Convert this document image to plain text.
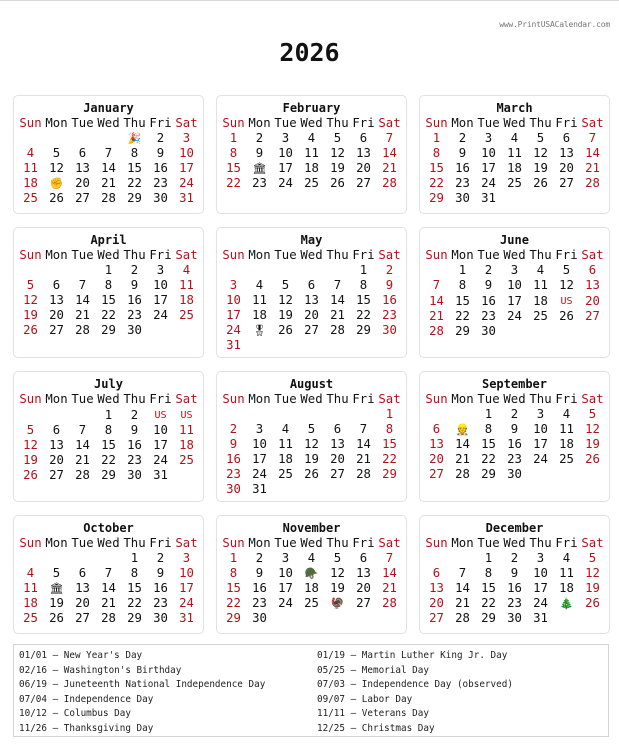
www.PrintUSACalendar.com
2026
January
Sun	Mon	Tue	Wed	Thu	Fri	Sat
				🎉	2	3
4	5	6	7	8	9	10
11	12	13	14	15	16	17
18	✊	20	21	22	23	24
25	26	27	28	29	30	31
February
Sun	Mon	Tue	Wed	Thu	Fri	Sat
1	2	3	4	5	6	7
8	9	10	11	12	13	14
15	🏛	17	18	19	20	21
22	23	24	25	26	27	28
March
Sun	Mon	Tue	Wed	Thu	Fri	Sat
1	2	3	4	5	6	7
8	9	10	11	12	13	14
15	16	17	18	19	20	21
22	23	24	25	26	27	28
29	30	31				
April
Sun	Mon	Tue	Wed	Thu	Fri	Sat
			1	2	3	4
5	6	7	8	9	10	11
12	13	14	15	16	17	18
19	20	21	22	23	24	25
26	27	28	29	30		
May
Sun	Mon	Tue	Wed	Thu	Fri	Sat
					1	2
3	4	5	6	7	8	9
10	11	12	13	14	15	16
17	18	19	20	21	22	23
24	🎖	26	27	28	29	30
31						
June
Sun	Mon	Tue	Wed	Thu	Fri	Sat
	1	2	3	4	5	6
7	8	9	10	11	12	13
14	15	16	17	18	US	20
21	22	23	24	25	26	27
28	29	30				
July
Sun	Mon	Tue	Wed	Thu	Fri	Sat
			1	2	US	US
5	6	7	8	9	10	11
12	13	14	15	16	17	18
19	20	21	22	23	24	25
26	27	28	29	30	31	
August
Sun	Mon	Tue	Wed	Thu	Fri	Sat
						1
2	3	4	5	6	7	8
9	10	11	12	13	14	15
16	17	18	19	20	21	22
23	24	25	26	27	28	29
30	31					
September
Sun	Mon	Tue	Wed	Thu	Fri	Sat
		1	2	3	4	5
6	👷	8	9	10	11	12
13	14	15	16	17	18	19
20	21	22	23	24	25	26
27	28	29	30			
October
Sun	Mon	Tue	Wed	Thu	Fri	Sat
				1	2	3
4	5	6	7	8	9	10
11	🏛	13	14	15	16	17
18	19	20	21	22	23	24
25	26	27	28	29	30	31
November
Sun	Mon	Tue	Wed	Thu	Fri	Sat
1	2	3	4	5	6	7
8	9	10	🪖	12	13	14
15	16	17	18	19	20	21
22	23	24	25	🦃	27	28
29	30					
December
Sun	Mon	Tue	Wed	Thu	Fri	Sat
		1	2	3	4	5
6	7	8	9	10	11	12
13	14	15	16	17	18	19
20	21	22	23	24	🎄	26
27	28	29	30	31		
01/01 – New Year's Day	01/19 – Martin Luther King Jr. Day
02/16 – Washington's Birthday	05/25 – Memorial Day
06/19 – Juneteenth National Independence Day	07/03 – Independence Day (observed)
07/04 – Independence Day	09/07 – Labor Day
10/12 – Columbus Day	11/11 – Veterans Day
11/26 – Thanksgiving Day	12/25 – Christmas Day
